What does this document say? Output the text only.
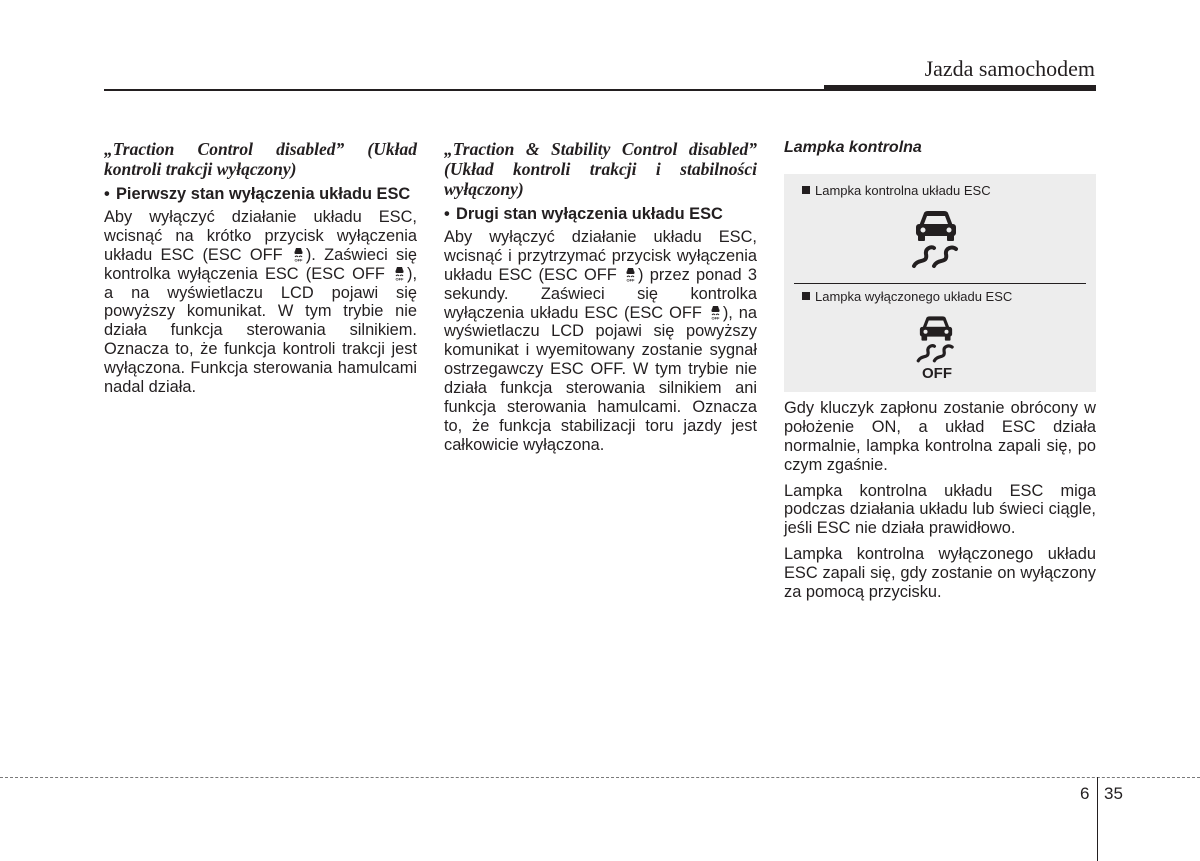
Jazda samochodem
„Traction Control disabled” (Układ kontroli trakcji wyłączony)
• Pierwszy stan wyłączenia układu ESC
Aby wyłączyć działanie układu ESC, wcisnąć na krótko przycisk wyłączenia układu ESC (ESC OFF OFF ). Zaświeci się kontrolka wyłączenia ESC (ESC OFF OFF ), a na wyświetlaczu LCD pojawi się powyższy komunikat. W tym trybie nie działa funkcja sterowania silnikiem. Oznacza to, że funkcja kontroli trakcji jest wyłączona. Funkcja sterowania hamulcami nadal działa.
„Traction & Stability Control disabled” (Układ kontroli trakcji i stabilności wyłączony)
• Drugi stan wyłączenia układu ESC
Aby wyłączyć działanie układu ESC, wcisnąć i przytrzymać przycisk wyłączenia układu ESC (ESC OFF OFF ) przez ponad 3 sekundy. Zaświeci się kontrolka wyłączenia układu ESC (ESC OFF OFF ), na wyświetlaczu LCD pojawi się powyższy komunikat i wyemitowany zostanie sygnał ostrzegawczy ESC OFF. W tym trybie nie działa funkcja sterowania silnikiem ani funkcja sterowania hamulcami. Oznacza to, że funkcja stabilizacji toru jazdy jest całkowicie wyłączona.
Lampka kontrolna
Lampka kontrolna układu ESC
Lampka wyłączonego układu ESC
OFF
Gdy kluczyk zapłonu zostanie obrócony w położenie ON, a układ ESC działa normalnie, lampka kontrolna zapali się, po czym zgaśnie.
Lampka kontrolna układu ESC miga podczas działania układu lub świeci ciągle, jeśli ESC nie działa prawidłowo.
Lampka kontrolna wyłączonego układu ESC zapali się, gdy zostanie on wyłączony za pomocą przycisku.
6 35
